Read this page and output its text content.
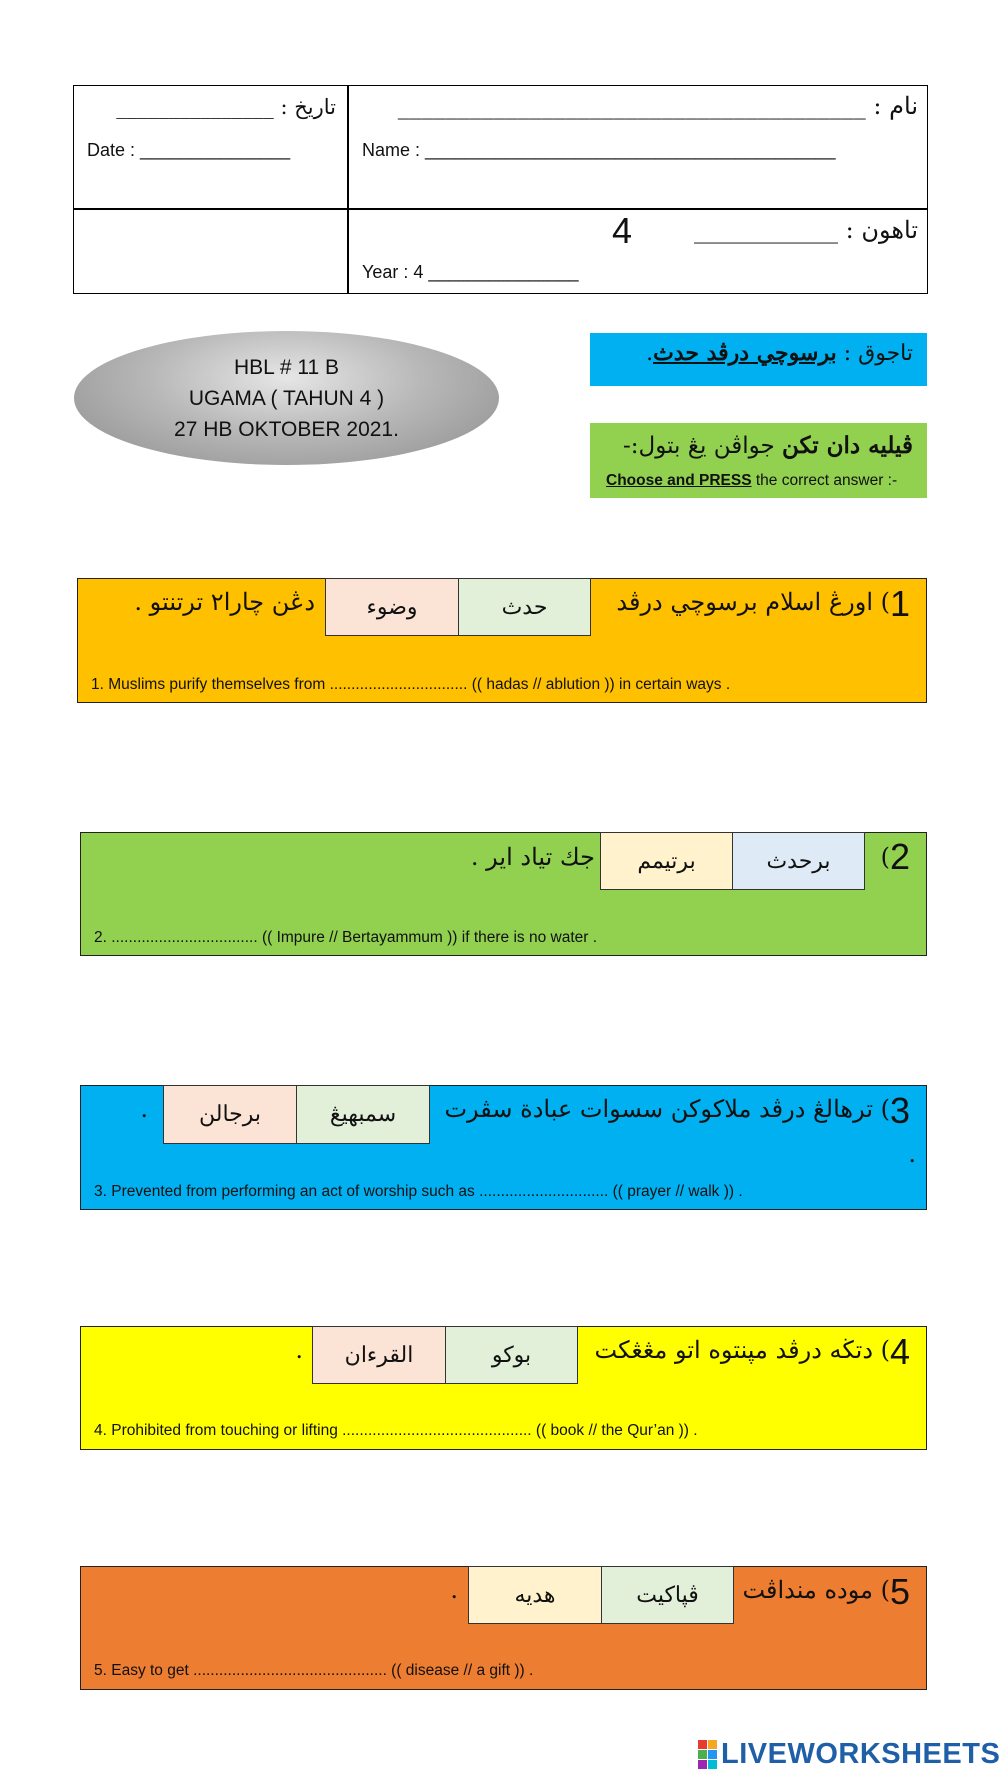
نام : _______________________________________
تاريخ : _______________
Date : _______________	Name : _________________________________________
تاهون : ____________
4
Year : 4 _______________
HBL # 11 B
UGAMA ( TAHUN 4 )
27 HB OKTOBER 2021.
تاجوق : برسوچي درڤد حدث.
ڤيليه دان تكن جواڤن يڠ بتول:-
Choose and PRESS the correct answer :-
1
) اورڠ اسلام برسوچي درڤد
حدث
وضوء
دڠن چارا٢ ترتنتو .
1. Muslims purify themselves from ................................ (( hadas // ablution )) in certain ways .
2
)
برحدث
برتيمم
جك تياد اير .
2. .................................. (( Impure // Bertayammum )) if there is no water .
3
) ترهالڠ درڤد ملاكوكن سسوات عبادة سڤرت
سمبهيڠ
برجالن
.
.
3. Prevented from performing an act of worship such as .............................. (( prayer // walk )) .
4
) دتڬه درڤد مپنتوه اتو مڠڠكت
بوكو
القرءان
.
4. Prohibited from touching or lifting ............................................ (( book // the Qur’an )) .
5
) موده منداڤت
ڤپاكيت
هديه
.
5. Easy to get ............................................. (( disease // a gift )) .
LIVEWORKSHEETS
